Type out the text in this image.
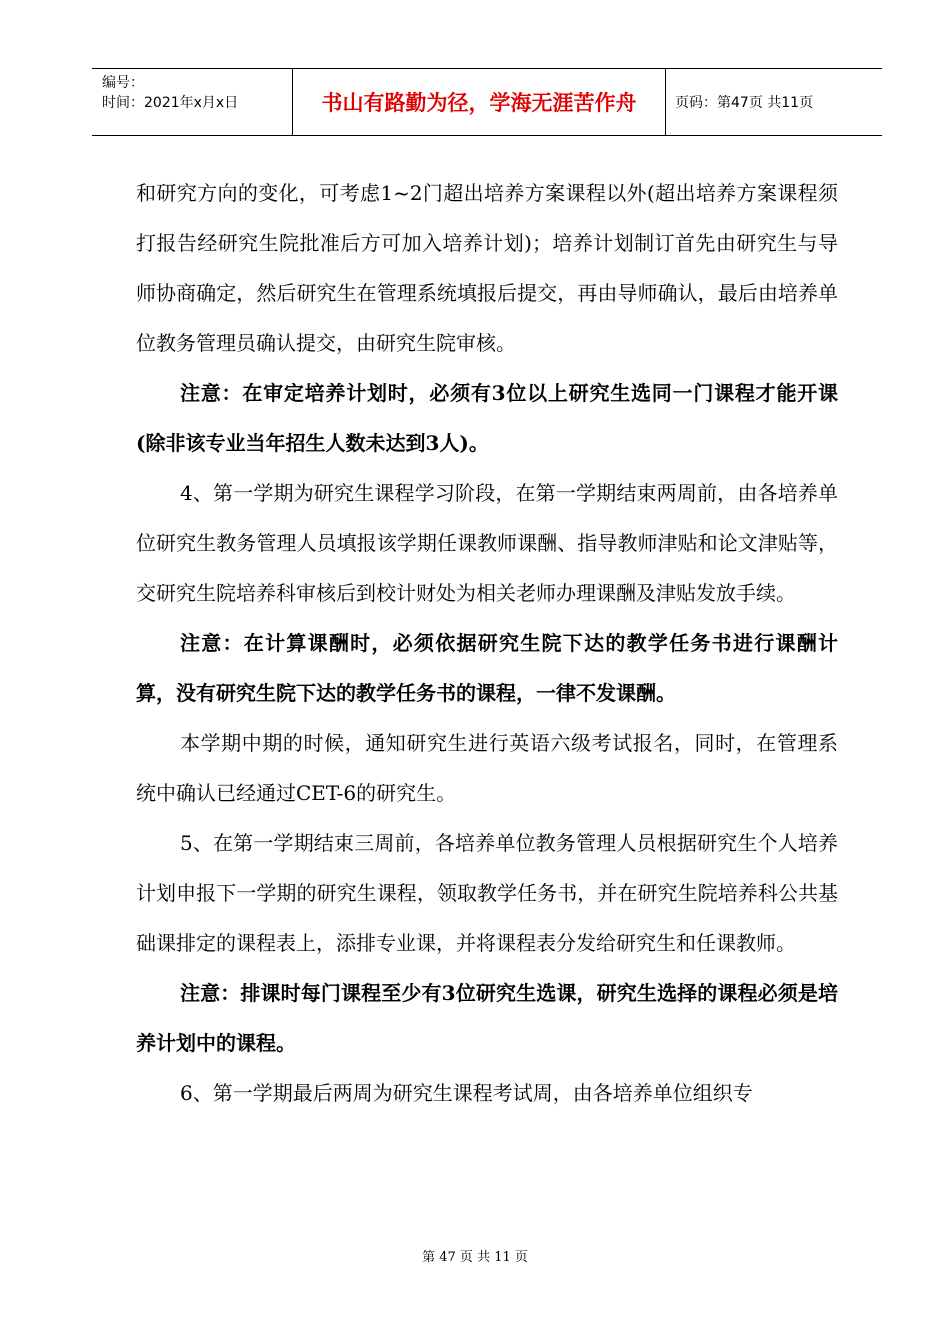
编号：
时间：2021年x月x日	书山有路勤为径，学海无涯苦作舟	页码：第47页 共11页

和研究方向的变化，可考虑1~2门超出培养方案课程以外(超出培养方案课程须打报告经研究生院批准后方可加入培养计划)；培养计划制订首先由研究生与导师协商确定，然后研究生在管理系统填报后提交，再由导师确认，最后由培养单位教务管理员确认提交，由研究生院审核。

注意：在审定培养计划时，必须有3位以上研究生选同一门课程才能开课(除非该专业当年招生人数未达到3人)。

4、第一学期为研究生课程学习阶段，在第一学期结束两周前，由各培养单位研究生教务管理人员填报该学期任课教师课酬、指导教师津贴和论文津贴等，交研究生院培养科审核后到校计财处为相关老师办理课酬及津贴发放手续。

注意：在计算课酬时，必须依据研究生院下达的教学任务书进行课酬计算，没有研究生院下达的教学任务书的课程，一律不发课酬。

本学期中期的时候，通知研究生进行英语六级考试报名，同时，在管理系统中确认已经通过CET-6的研究生。

5、在第一学期结束三周前，各培养单位教务管理人员根据研究生个人培养计划申报下一学期的研究生课程，领取教学任务书，并在研究生院培养科公共基础课排定的课程表上，添排专业课，并将课程表分发给研究生和任课教师。

注意：排课时每门课程至少有3位研究生选课，研究生选择的课程必须是培养计划中的课程。

6、第一学期最后两周为研究生课程考试周，由各培养单位组织专

第 47 页 共 11 页
